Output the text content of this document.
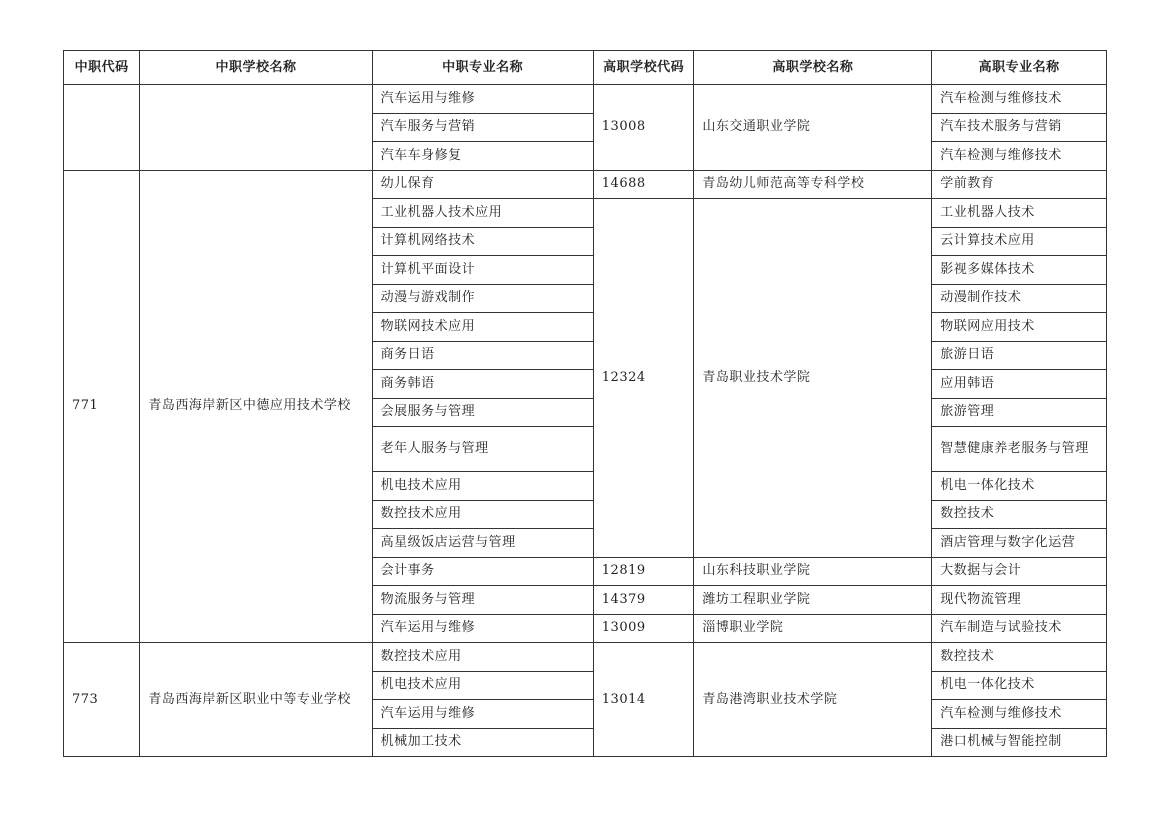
中职代码	中职学校名称	中职专业名称	高职学校代码	高职学校名称	高职专业名称
		汽车运用与维修	13008	山东交通职业学院	汽车检测与维修技术
		汽车服务与营销			汽车技术服务与营销
		汽车车身修复			汽车检测与维修技术
771	青岛西海岸新区中德应用技术学校	幼儿保育	14688	青岛幼儿师范高等专科学校	学前教育
		工业机器人技术应用	12324	青岛职业技术学院	工业机器人技术
		计算机网络技术			云计算技术应用
		计算机平面设计			影视多媒体技术
		动漫与游戏制作			动漫制作技术
		物联网技术应用			物联网应用技术
		商务日语			旅游日语
		商务韩语			应用韩语
		会展服务与管理			旅游管理
		老年人服务与管理			智慧健康养老服务与管理
		机电技术应用			机电一体化技术
		数控技术应用			数控技术
		高星级饭店运营与管理			酒店管理与数字化运营
		会计事务	12819	山东科技职业学院	大数据与会计
		物流服务与管理	14379	潍坊工程职业学院	现代物流管理
		汽车运用与维修	13009	淄博职业学院	汽车制造与试验技术
773	青岛西海岸新区职业中等专业学校	数控技术应用	13014	青岛港湾职业技术学院	数控技术
		机电技术应用			机电一体化技术
		汽车运用与维修			汽车检测与维修技术
		机械加工技术			港口机械与智能控制
